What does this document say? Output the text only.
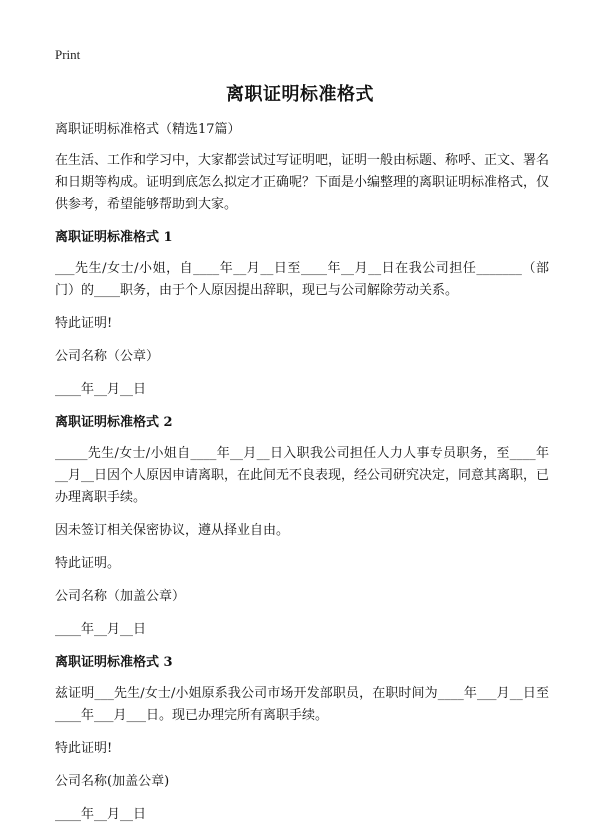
Print
离职证明标准格式

离职证明标准格式（精选17篇）

在生活、工作和学习中，大家都尝试过写证明吧，证明一般由标题、称呼、正文、署名和日期等构成。证明到底怎么拟定才正确呢？下面是小编整理的离职证明标准格式，仅供参考，希望能够帮助到大家。

离职证明标准格式 1

___先生/女士/小姐，自____年__月__日至____年__月__日在我公司担任_______（部门）的____职务，由于个人原因提出辞职，现已与公司解除劳动关系。

特此证明!

公司名称（公章）

____年__月__日

离职证明标准格式 2

_____先生/女士/小姐自____年__月__日入职我公司担任人力人事专员职务，至____年__月__日因个人原因申请离职，在此间无不良表现，经公司研究决定，同意其离职，已办理离职手续。

因未签订相关保密协议，遵从择业自由。

特此证明。

公司名称（加盖公章）

____年__月__日

离职证明标准格式 3

兹证明___先生/女士/小姐原系我公司市场开发部职员，在职时间为____年___月__日至____年___月___日。现已办理完所有离职手续。

特此证明!

公司名称(加盖公章)

____年__月__日
